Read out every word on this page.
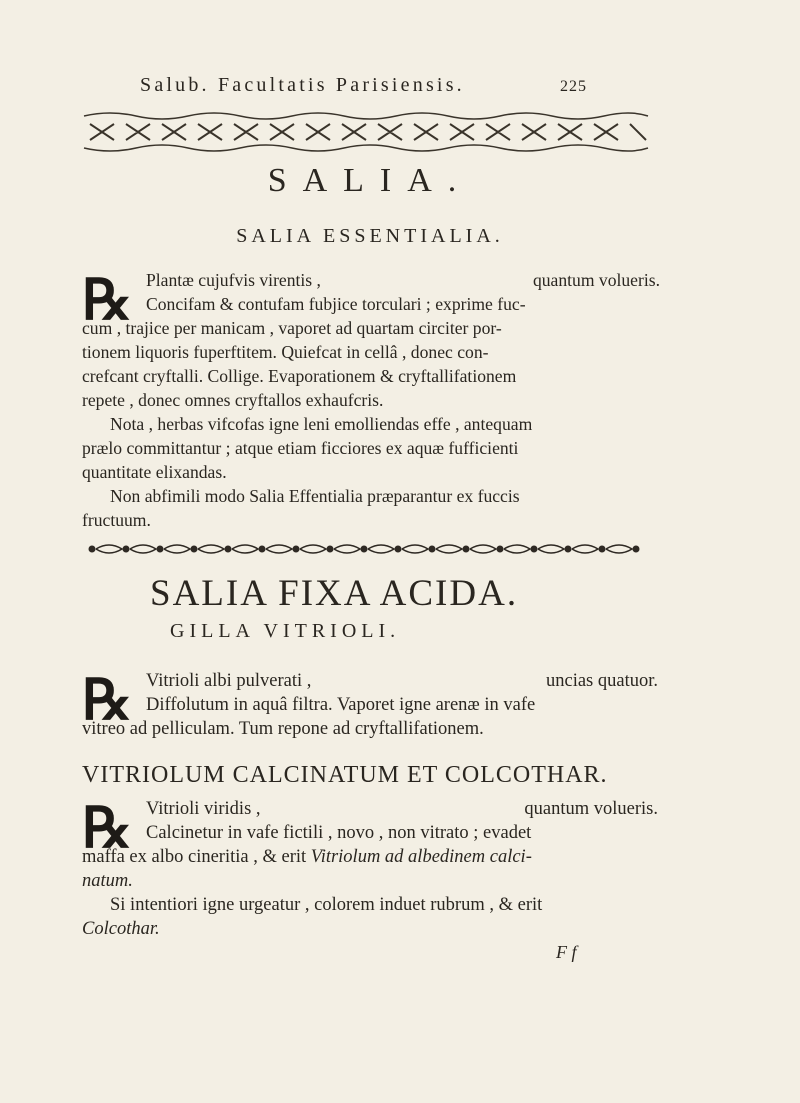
Salub. Facultatis Parisiensis.	225
SALIA.
SALIA ESSENTIALIA.
℞ Plantæ cujufvis virentis ,	quantum volueris.
Concifam & contufam fubjice torculari ; exprime fuc-
cum , trajice per manicam , vaporet ad quartam circiter por-
tionem liquoris fuperftitem. Quiefcat in cellâ , donec con-
crefcant cryftalli. Collige. Evaporationem & cryftallifationem
repete , donec omnes cryftallos exhaufcris.
Nota , herbas vifcofas igne leni emolliendas effe , antequam
prælo committantur ; atque etiam ficciores ex aquæ fufficienti
quantitate elixandas.
Non abfimili modo Salia Effentialia præparantur ex fuccis
fructuum.
SALIA FIXA ACIDA.
GILLA VITRIOLI.
℞ Vitrioli albi pulverati ,	uncias quatuor.
Diffolutum in aquâ filtra. Vaporet igne arenæ in vafe
vitreo ad pelliculam. Tum repone ad cryftallifationem.
VITRIOLUM CALCINATUM ET COLCOTHAR.
℞ Vitrioli viridis ,	quantum volueris.
Calcinetur in vafe fictili , novo , non vitrato ; evadet
maffa ex albo cineritia , & erit Vitriolum ad albedinem calci-
natum.
Si intentiori igne urgeatur , colorem induet rubrum , & erit
Colcothar.
F f
